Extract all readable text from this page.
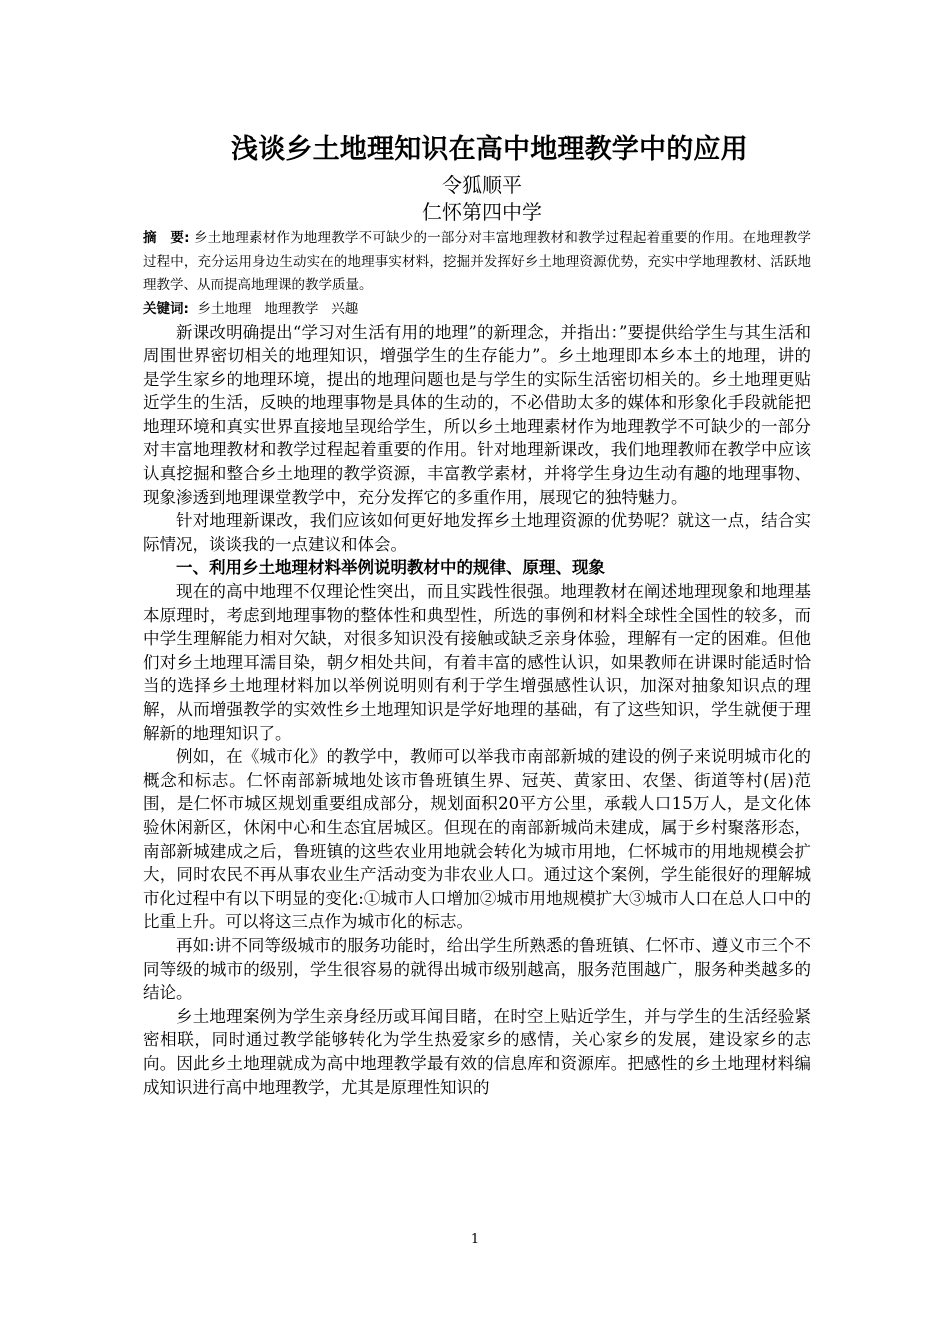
浅谈乡土地理知识在高中地理教学中的应用
令狐顺平
仁怀第四中学
摘　要: 乡土地理素材作为地理教学不可缺少的一部分对丰富地理教材和教学过程起着重要的作用。在地理教学过程中，充分运用身边生动实在的地理事实材料，挖掘并发挥好乡土地理资源优势，充实中学地理教材、活跃地理教学、从而提高地理课的教学质量。
关键词:  乡土地理   地理教学   兴趣

新课改明确提出“学习对生活有用的地理”的新理念，并指出：”要提供给学生与其生活和周围世界密切相关的地理知识，增强学生的生存能力”。乡土地理即本乡本土的地理，讲的是学生家乡的地理环境，提出的地理问题也是与学生的实际生活密切相关的。乡土地理更贴近学生的生活，反映的地理事物是具体的生动的，不必借助太多的媒体和形象化手段就能把地理环境和真实世界直接地呈现给学生，所以乡土地理素材作为地理教学不可缺少的一部分对丰富地理教材和教学过程起着重要的作用。针对地理新课改，我们地理教师在教学中应该认真挖掘和整合乡土地理的教学资源，丰富教学素材，并将学生身边生动有趣的地理事物、现象渗透到地理课堂教学中，充分发挥它的多重作用，展现它的独特魅力。

针对地理新课改，我们应该如何更好地发挥乡土地理资源的优势呢？就这一点，结合实际情况，谈谈我的一点建议和体会。

一、利用乡土地理材料举例说明教材中的规律、原理、现象

现在的高中地理不仅理论性突出，而且实践性很强。地理教材在阐述地理现象和地理基本原理时，考虑到地理事物的整体性和典型性，所选的事例和材料全球性全国性的较多，而中学生理解能力相对欠缺，对很多知识没有接触或缺乏亲身体验，理解有一定的困难。但他们对乡土地理耳濡目染，朝夕相处共间，有着丰富的感性认识，如果教师在讲课时能适时恰当的选择乡土地理材料加以举例说明则有利于学生增强感性认识，加深对抽象知识点的理解，从而增强教学的实效性乡土地理知识是学好地理的基础，有了这些知识，学生就便于理解新的地理知识了。

例如，在《城市化》的教学中，教师可以举我市南部新城的建设的例子来说明城市化的概念和标志。仁怀南部新城地处该市鲁班镇生界、冠英、黄家田、农堡、街道等村(居)范围，是仁怀市城区规划重要组成部分，规划面积20平方公里，承载人口15万人，是文化体验休闲新区，休闲中心和生态宜居城区。但现在的南部新城尚未建成，属于乡村聚落形态，南部新城建成之后，鲁班镇的这些农业用地就会转化为城市用地，仁怀城市的用地规模会扩大，同时农民不再从事农业生产活动变为非农业人口。通过这个案例，学生能很好的理解城市化过程中有以下明显的变化:①城市人口增加②城市用地规模扩大③城市人口在总人口中的比重上升。可以将这三点作为城市化的标志。

再如:讲不同等级城市的服务功能时，给出学生所熟悉的鲁班镇、仁怀市、遵义市三个不同等级的城市的级别，学生很容易的就得出城市级别越高，服务范围越广，服务种类越多的结论。

乡土地理案例为学生亲身经历或耳闻目睹，在时空上贴近学生，并与学生的生活经验紧密相联，同时通过教学能够转化为学生热爱家乡的感情，关心家乡的发展，建设家乡的志向。因此乡土地理就成为高中地理教学最有效的信息库和资源库。把感性的乡土地理材料编成知识进行高中地理教学，尤其是原理性知识的

1
